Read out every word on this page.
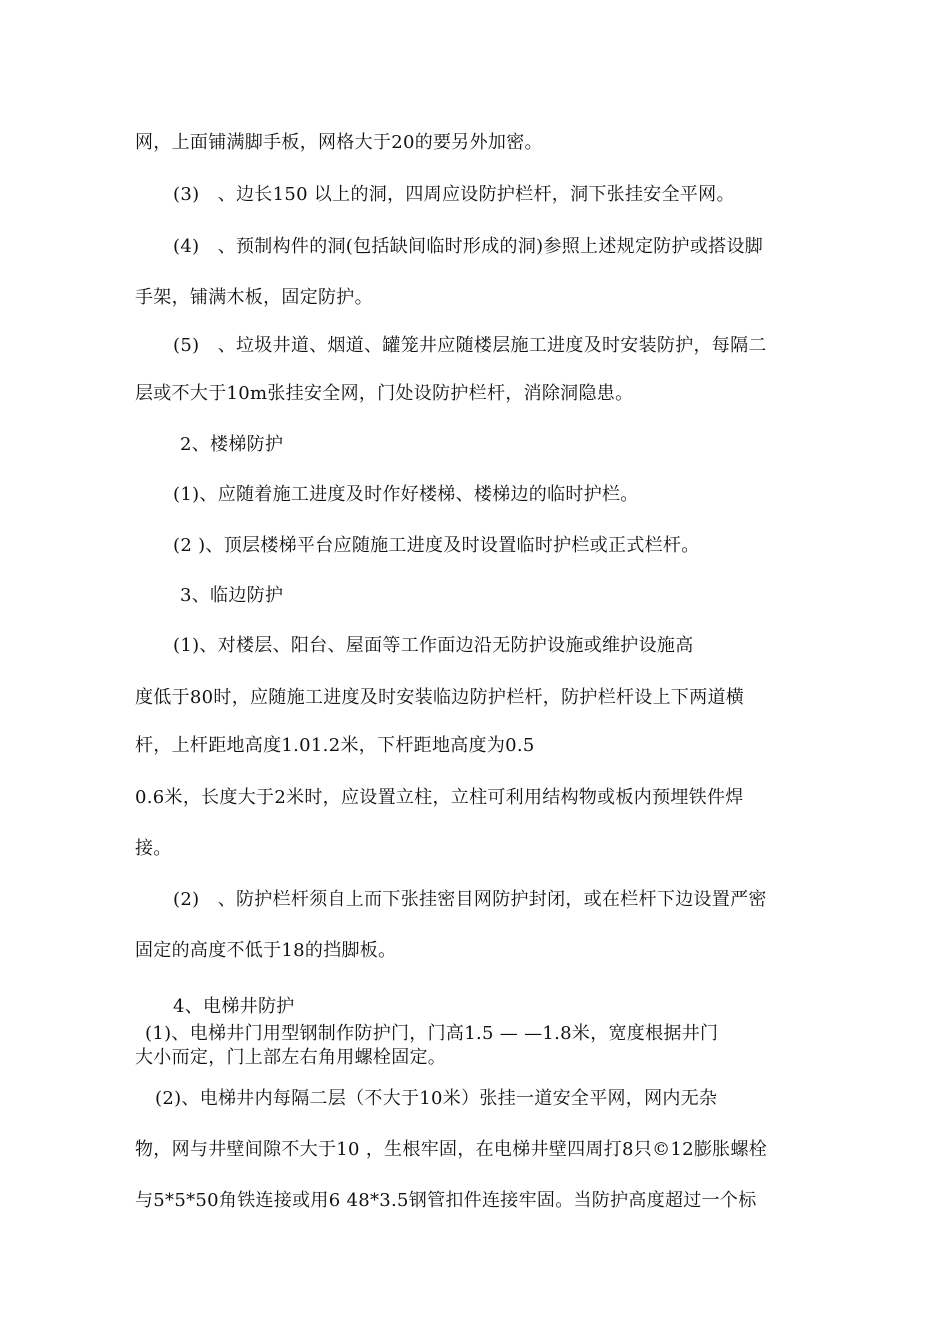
网，上面铺满脚手板，网格大于20的要另外加密。
(3)　、边长150 以上的洞，四周应设防护栏杆，洞下张挂安全平网。
(4)　、预制构件的洞(包括缺间临时形成的洞)参照上述规定防护或搭设脚
手架，铺满木板，固定防护。
(5)　、垃圾井道、烟道、罐笼井应随楼层施工进度及时安装防护，每隔二
层或不大于10m张挂安全网，门处设防护栏杆，消除洞隐患。
2、楼梯防护
(1)、应随着施工进度及时作好楼梯、楼梯边的临时护栏。
(2 )、顶层楼梯平台应随施工进度及时设置临时护栏或正式栏杆。
3、临边防护
(1)、对楼层、阳台、屋面等工作面边沿无防护设施或维护设施高
度低于80时，应随施工进度及时安装临边防护栏杆，防护栏杆设上下两道横
杆，上杆距地高度1.01.2米，下杆距地高度为0.5
0.6米，长度大于2米时，应设置立柱，立柱可利用结构物或板内预埋铁件焊
接。
(2)　、防护栏杆须自上而下张挂密目网防护封闭，或在栏杆下边设置严密
固定的高度不低于18的挡脚板。
4、电梯井防护
(1)、电梯井门用型钢制作防护门，门高1.5 — —1.8米，宽度根据井门
大小而定，门上部左右角用螺栓固定。
(2)、电梯井内每隔二层（不大于10米）张挂一道安全平网，网内无杂
物，网与井壁间隙不大于10 ，生根牢固，在电梯井壁四周打8只©12膨胀螺栓
与5*5*50角铁连接或用6 48*3.5钢管扣件连接牢固。当防护高度超过一个标
